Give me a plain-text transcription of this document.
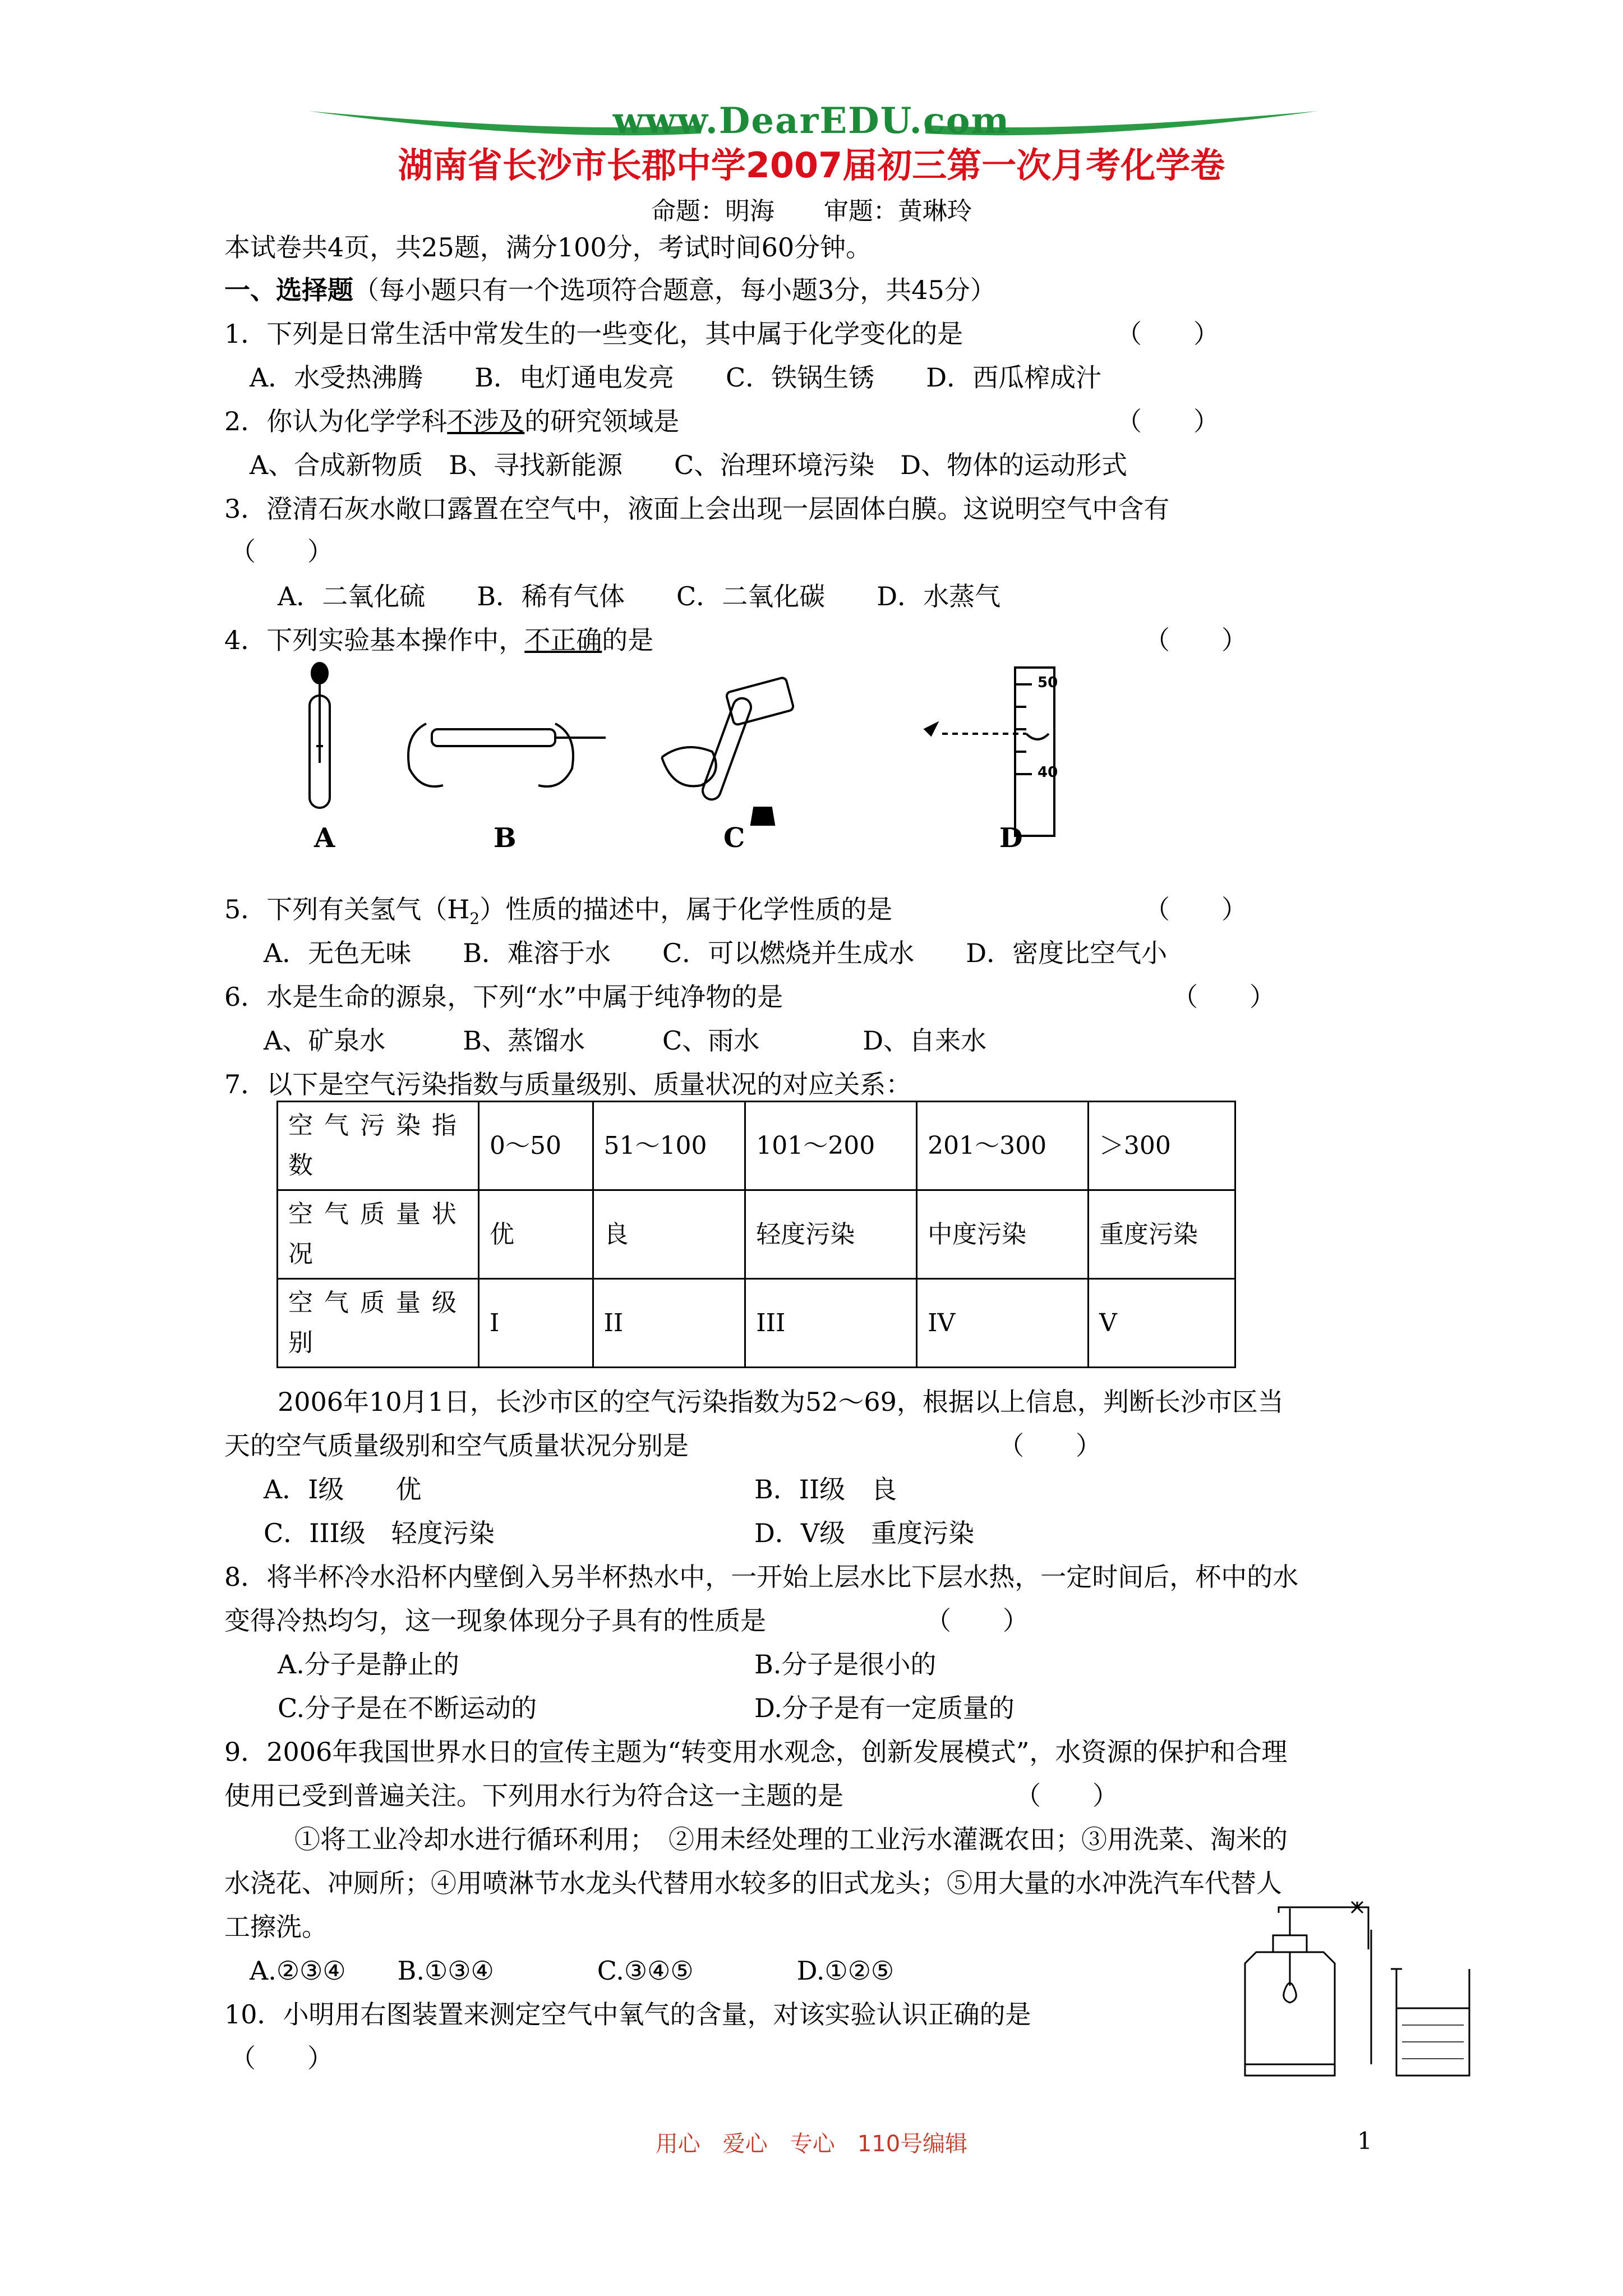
www.DearEDU.com
湖南省长沙市长郡中学2007届初三第一次月考化学卷
命题：明海　　审题：黄琳玲
本试卷共4页，共25题，满分100分，考试时间60分钟。
一、选择题（每小题只有一个选项符合题意，每小题3分，共45分）
1．下列是日常生活中常发生的一些变化，其中属于化学变化的是	（　　）
A．水受热沸腾　　B．电灯通电发亮　　C．铁锅生锈　　D．西瓜榨成汁
2．你认为化学学科不涉及的研究领域是	（　　）
A、合成新物质　B、寻找新能源　　C、治理环境污染　D、物体的运动形式
3．澄清石灰水敞口露置在空气中，液面上会出现一层固体白膜。这说明空气中含有
（　　）
A．二氧化硫　　B．稀有气体　　C．二氧化碳　　D．水蒸气
4．下列实验基本操作中，不正确的是	（　　）
A	B	C
50
40
D
5．下列有关氢气$(H_2)$性质的描述中，属于化学性质的是	（　　）
A．无色无味　　B．难溶于水　　C．可以燃烧并生成水　　D．密度比空气小
6．水是生命的源泉，下列“水”中属于纯净物的是	（　　）
A、矿泉水　　　B、蒸馏水　　　C、雨水　　　　D、自来水
7．以下是空气污染指数与质量级别、质量状况的对应关系：
空气污染指数	0～50	51～100	101～200	201～300	＞300
空气质量状况	优	良	轻度污染	中度污染	重度污染
空气质量级别	I	II	III	IV	V
2006年10月1日，长沙市区的空气污染指数为52～69，根据以上信息，判断长沙市区当
天的空气质量级别和空气质量状况分别是	（　　）
A．I级　　优	B．II级　良
C．III级　轻度污染	D．V级　重度污染
8．将半杯冷水沿杯内壁倒入另半杯热水中，一开始上层水比下层水热，一定时间后，杯中的水
变得冷热均匀，这一现象体现分子具有的性质是	（　　）
A.分子是静止的	B.分子是很小的
C.分子是在不断运动的	D.分子是有一定质量的
9．2006年我国世界水日的宣传主题为“转变用水观念，创新发展模式”，水资源的保护和合理
使用已受到普遍关注。下列用水行为符合这一主题的是	（　　）
①将工业冷却水进行循环利用；　②用未经处理的工业污水灌溉农田；③用洗菜、淘米的
水浇花、冲厕所；④用喷淋节水龙头代替用水较多的旧式龙头；⑤用大量的水冲洗汽车代替人
工擦洗。
A.②③④　　B.①③④　　　　C.③④⑤　　　　D.①②⑤
10．小明用右图装置来测定空气中氧气的含量，对该实验认识正确的是
（　　）
用心　爱心　专心　110号编辑	1
